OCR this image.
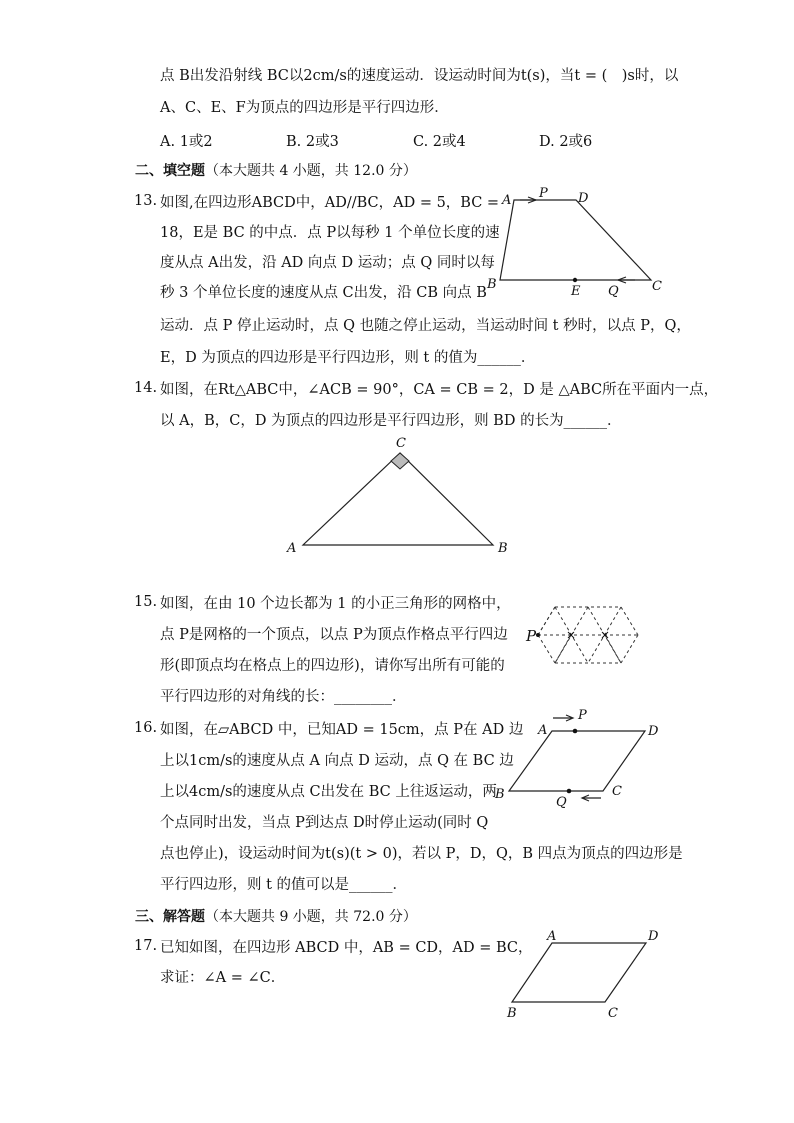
点 B出发沿射线 BC以2cm/s的速度运动．设运动时间为t(s)，当t = (　)s时，以
A、C、E、F为顶点的四边形是平行四边形．
A. 1或2	B. 2或3	C. 2或4	D. 2或6
二、填空题（本大题共 4 小题，共 12.0 分）
13. 如图,在四边形ABCD中，AD//BC，AD = 5，BC =
18，E是 BC 的中点．点 P以每秒 1 个单位长度的速
度从点 A出发，沿 AD 向点 D 运动；点 Q 同时以每
秒 3 个单位长度的速度从点 C出发，沿 CB 向点 B
运动．点 P 停止运动时，点 Q 也随之停止运动，当运动时间 t 秒时，以点 P，Q，
E，D 为顶点的四边形是平行四边形，则 t 的值为______．
A P D
B	E Q	C
14. 如图，在Rt△ABC中，∠ACB = 90°，CA = CB = 2，D 是 △ABC所在平面内一点，
以 A，B，C，D 为顶点的四边形是平行四边形，则 BD 的长为______．
C
A	B
15. 如图，在由 10 个边长都为 1 的小正三角形的网格中，
点 P是网格的一个顶点，以点 P为顶点作格点平行四边
形(即顶点均在格点上的四边形)，请你写出所有可能的
平行四边形的对角线的长：________．
P
16. 如图，在▱ABCD 中，已知AD = 15cm，点 P在 AD 边
上以1cm/s的速度从点 A 向点 D 运动，点 Q 在 BC 边
上以4cm/s的速度从点 C出发在 BC 上往返运动，两
个点同时出发，当点 P到达点 D时停止运动(同时 Q
点也停止)，设运动时间为t(s)(t > 0)，若以 P，D，Q，B 四点为顶点的四边形是
平行四边形，则 t 的值可以是______．
A
P
D
B
Q
C
三、解答题（本大题共 9 小题，共 72.0 分）
17. 已知如图，在四边形 ABCD 中，AB = CD，AD = BC，
求证：∠A = ∠C．
A	D
B	C
